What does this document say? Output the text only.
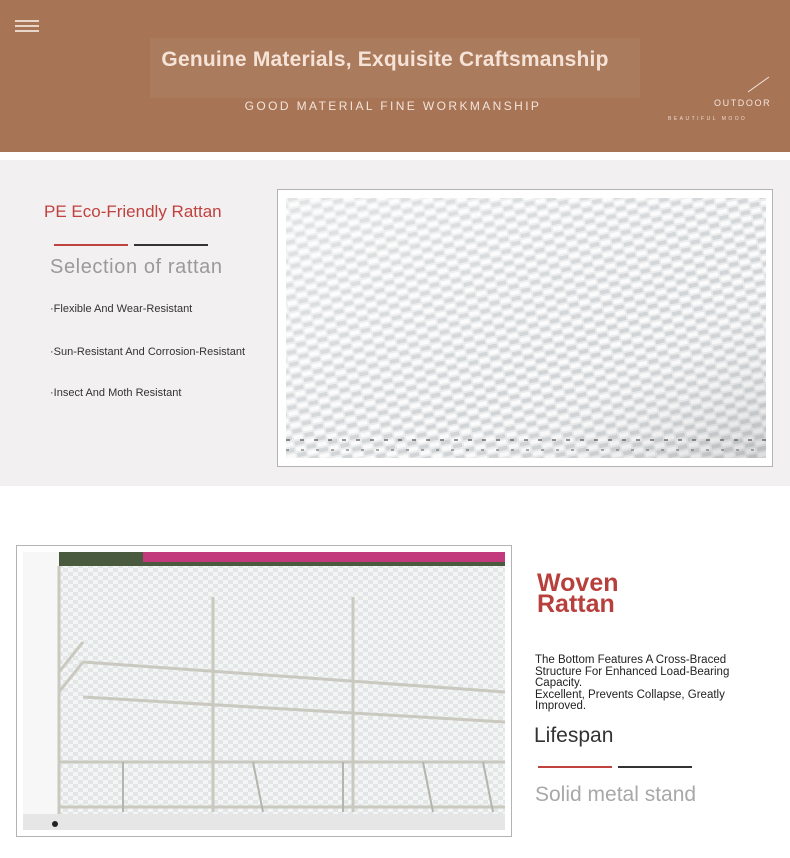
Genuine Materials, Exquisite Craftsmanship
GOOD MATERIAL FINE WORKMANSHIP	OUTDOOR
BEAUTIFUL MOOD
PE Eco-Friendly Rattan
Selection of rattan
·Flexible And Wear-Resistant
·Sun-Resistant And Corrosion-Resistant
·Insect And Moth Resistant
Woven
Rattan
The Bottom Features A Cross-Braced
Structure For Enhanced Load-Bearing
Capacity.
Excellent, Prevents Collapse, Greatly
Improved.
Lifespan
Solid metal stand
